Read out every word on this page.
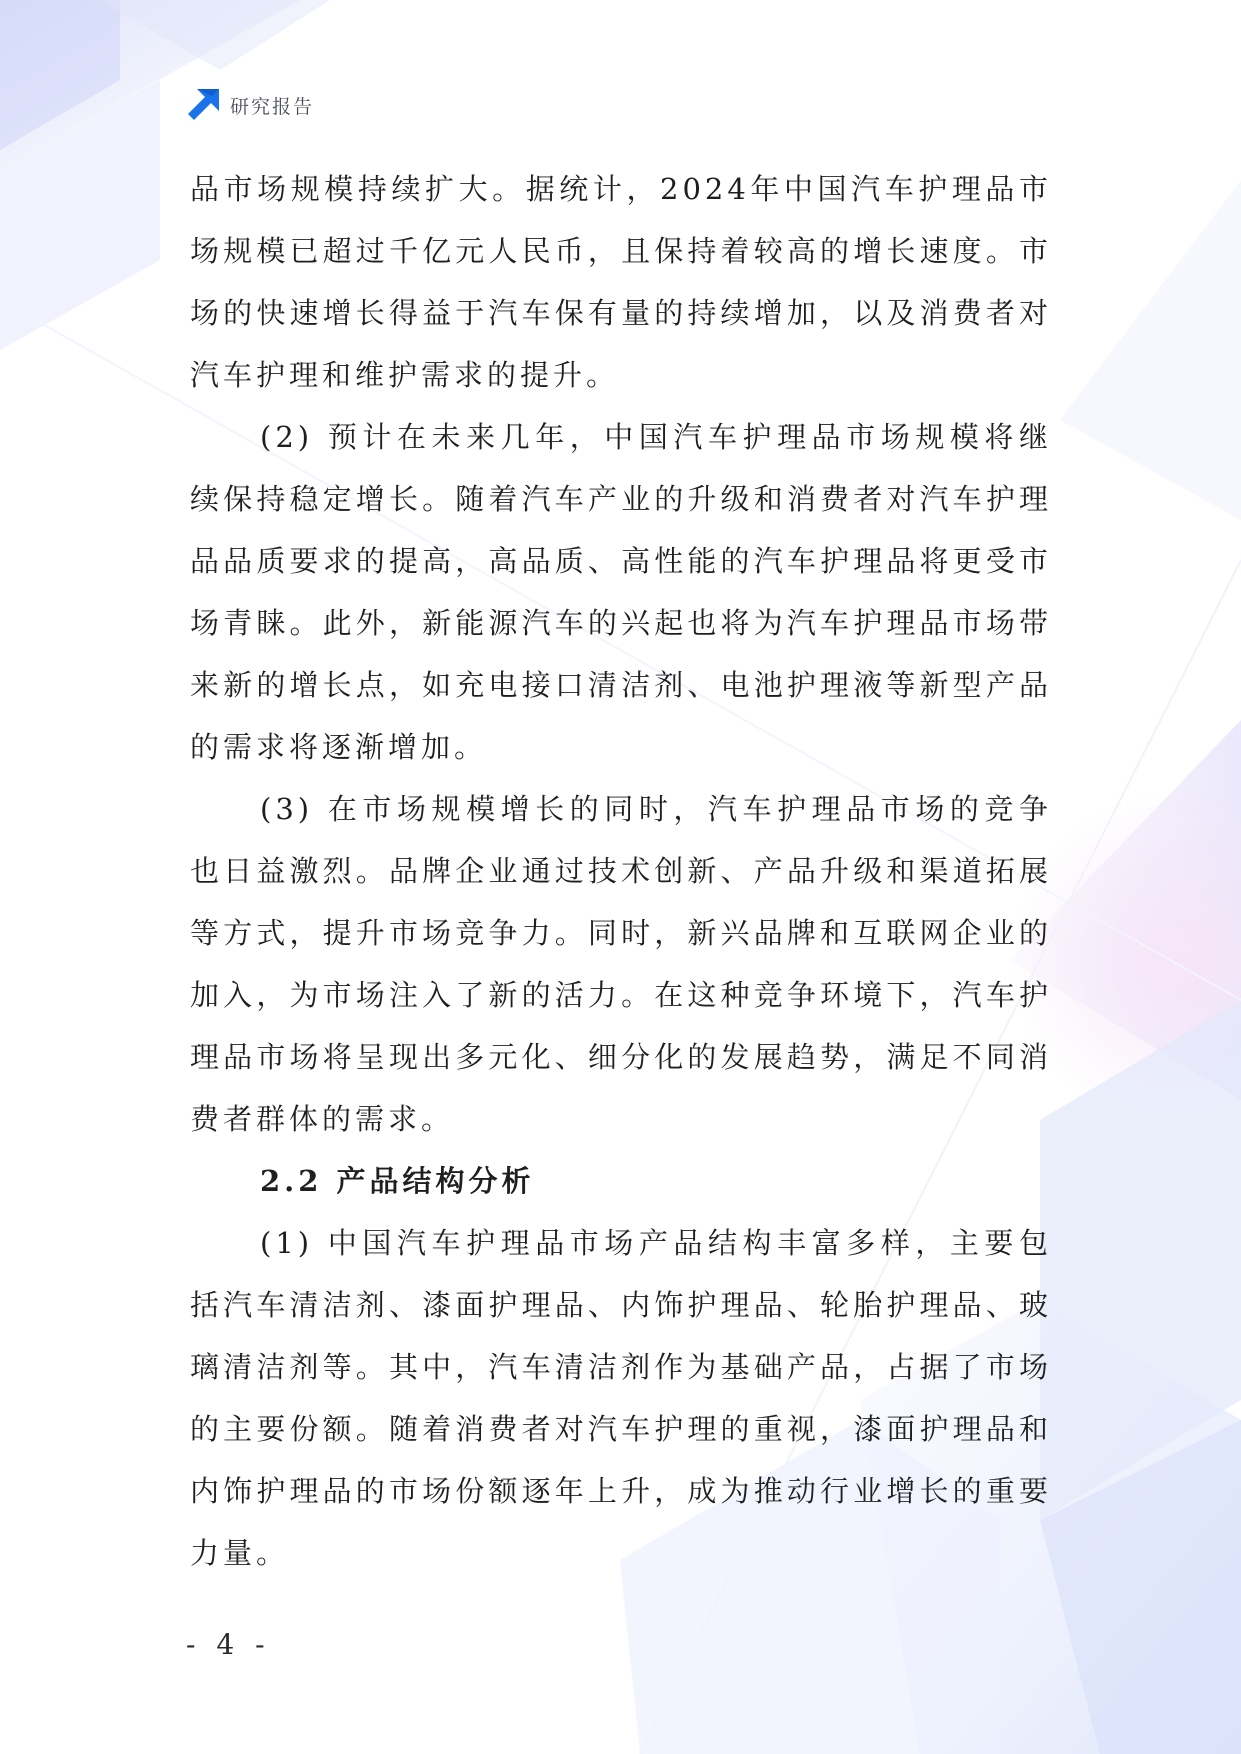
研究报告

品市场规模持续扩大。据统计，2024年中国汽车护理品市场规模已超过千亿元人民币，且保持着较高的增长速度。市场的快速增长得益于汽车保有量的持续增加，以及消费者对汽车护理和维护需求的提升。

(2) 预计在未来几年，中国汽车护理品市场规模将继续保持稳定增长。随着汽车产业的升级和消费者对汽车护理品品质要求的提高，高品质、高性能的汽车护理品将更受市场青睐。此外，新能源汽车的兴起也将为汽车护理品市场带来新的增长点，如充电接口清洁剂、电池护理液等新型产品的需求将逐渐增加。

(3) 在市场规模增长的同时，汽车护理品市场的竞争也日益激烈。品牌企业通过技术创新、产品升级和渠道拓展等方式，提升市场竞争力。同时，新兴品牌和互联网企业的加入，为市场注入了新的活力。在这种竞争环境下，汽车护理品市场将呈现出多元化、细分化的发展趋势，满足不同消费者群体的需求。

2.2 产品结构分析

(1) 中国汽车护理品市场产品结构丰富多样，主要包括汽车清洁剂、漆面护理品、内饰护理品、轮胎护理品、玻璃清洁剂等。其中，汽车清洁剂作为基础产品，占据了市场的主要份额。随着消费者对汽车护理的重视，漆面护理品和内饰护理品的市场份额逐年上升，成为推动行业增长的重要力量。

- 4 -
